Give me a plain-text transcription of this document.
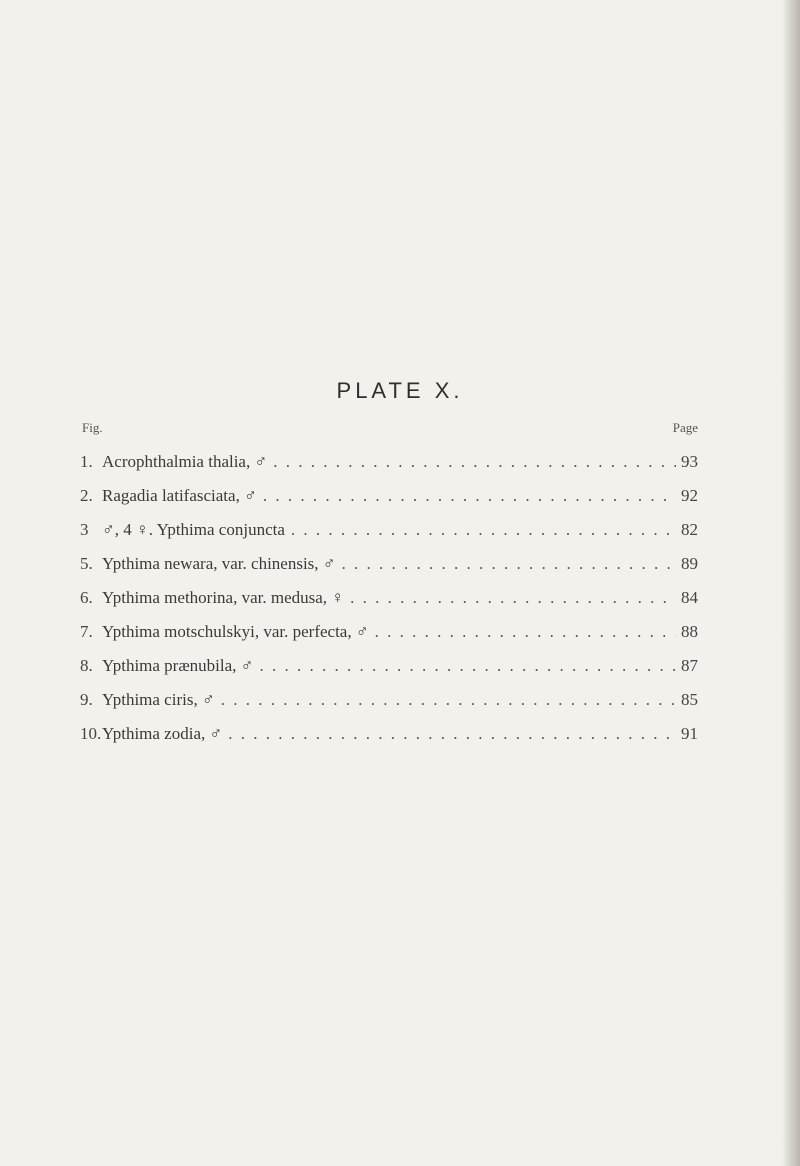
PLATE X.
Fig.	Page
1. Acrophthalmia thalia, ♂ . . .	93
2. Ragadia latifasciata, ♂ . . .	92
3 ♂, 4 ♀. Ypthima conjuncta . . .	82
5. Ypthima newara, var. chinensis, ♂ . . .	89
6. Ypthima methorina, var. medusa, ♀ . . .	84
7. Ypthima motschulskyi, var. perfecta, ♂ . . .	88
8. Ypthima prænubila, ♂ . . .	87
9. Ypthima ciris, ♂ . . .	85
10. Ypthima zodia, ♂ . . .	91
